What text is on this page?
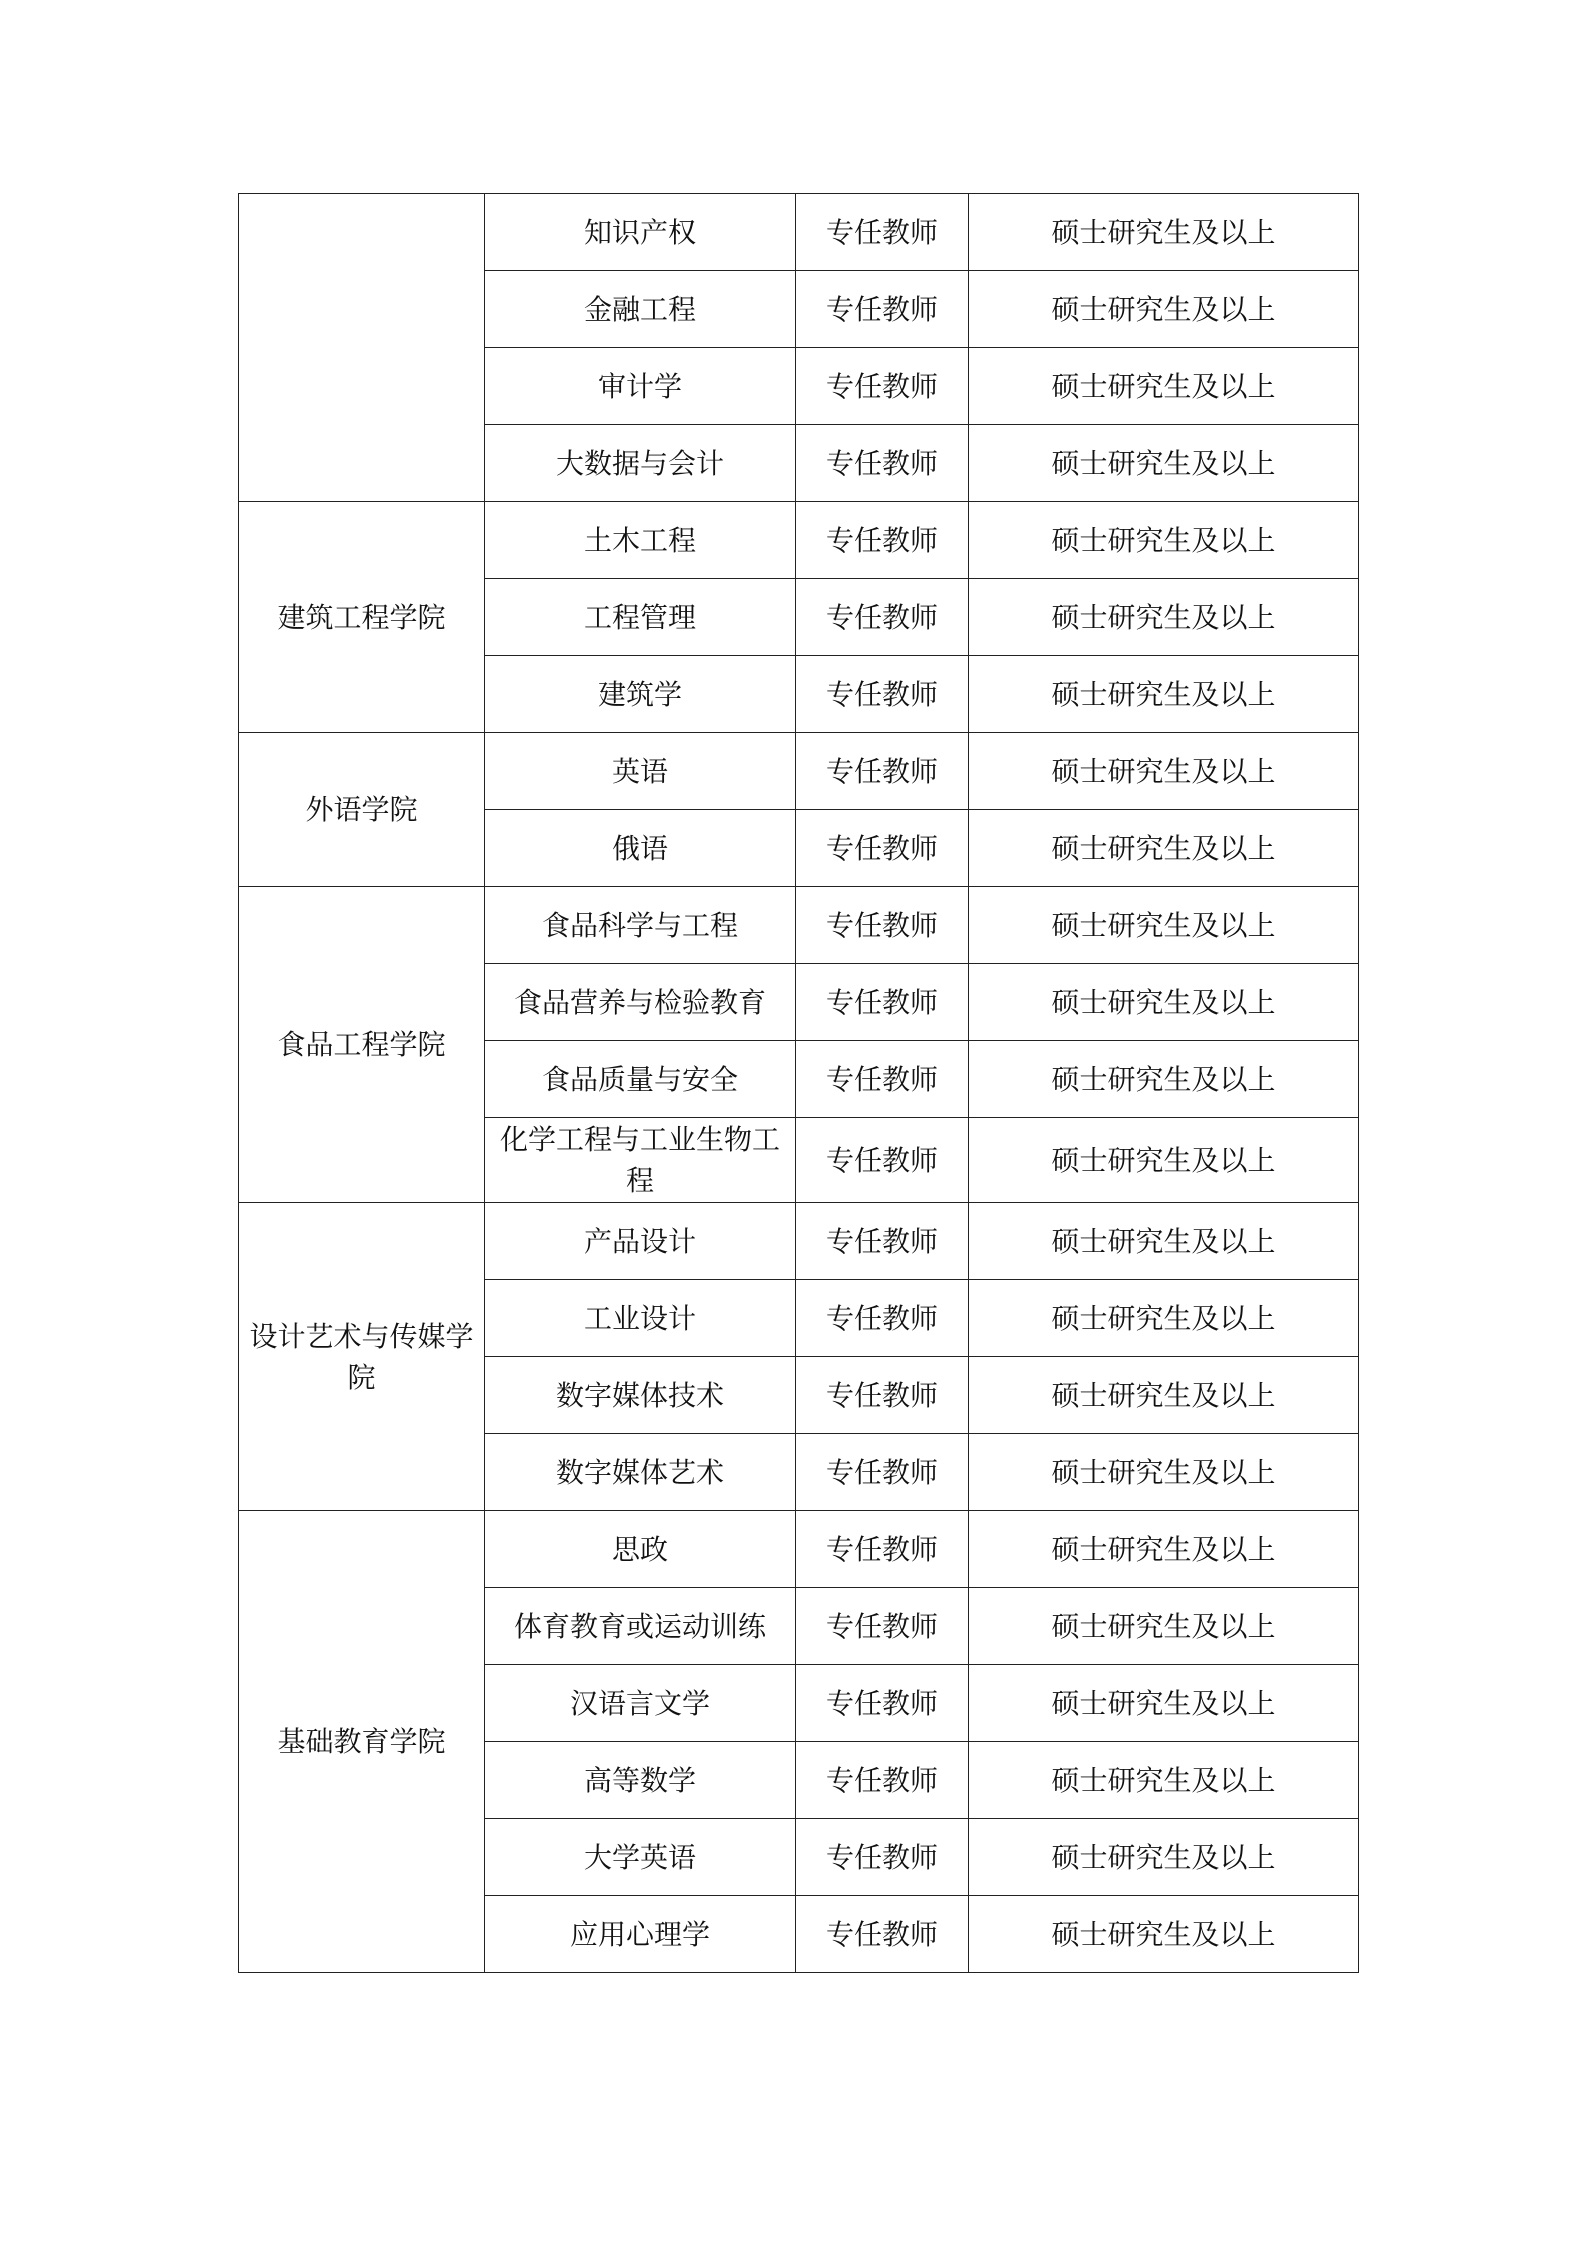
	知识产权	专任教师	硕士研究生及以上
	金融工程	专任教师	硕士研究生及以上
	审计学	专任教师	硕士研究生及以上
	大数据与会计	专任教师	硕士研究生及以上
建筑工程学院	土木工程	专任教师	硕士研究生及以上
	工程管理	专任教师	硕士研究生及以上
	建筑学	专任教师	硕士研究生及以上
外语学院	英语	专任教师	硕士研究生及以上
	俄语	专任教师	硕士研究生及以上
食品工程学院	食品科学与工程	专任教师	硕士研究生及以上
	食品营养与检验教育	专任教师	硕士研究生及以上
	食品质量与安全	专任教师	硕士研究生及以上
	化学工程与工业生物工程	专任教师	硕士研究生及以上
设计艺术与传媒学院	产品设计	专任教师	硕士研究生及以上
	工业设计	专任教师	硕士研究生及以上
	数字媒体技术	专任教师	硕士研究生及以上
	数字媒体艺术	专任教师	硕士研究生及以上
基础教育学院	思政	专任教师	硕士研究生及以上
	体育教育或运动训练	专任教师	硕士研究生及以上
	汉语言文学	专任教师	硕士研究生及以上
	高等数学	专任教师	硕士研究生及以上
	大学英语	专任教师	硕士研究生及以上
	应用心理学	专任教师	硕士研究生及以上
